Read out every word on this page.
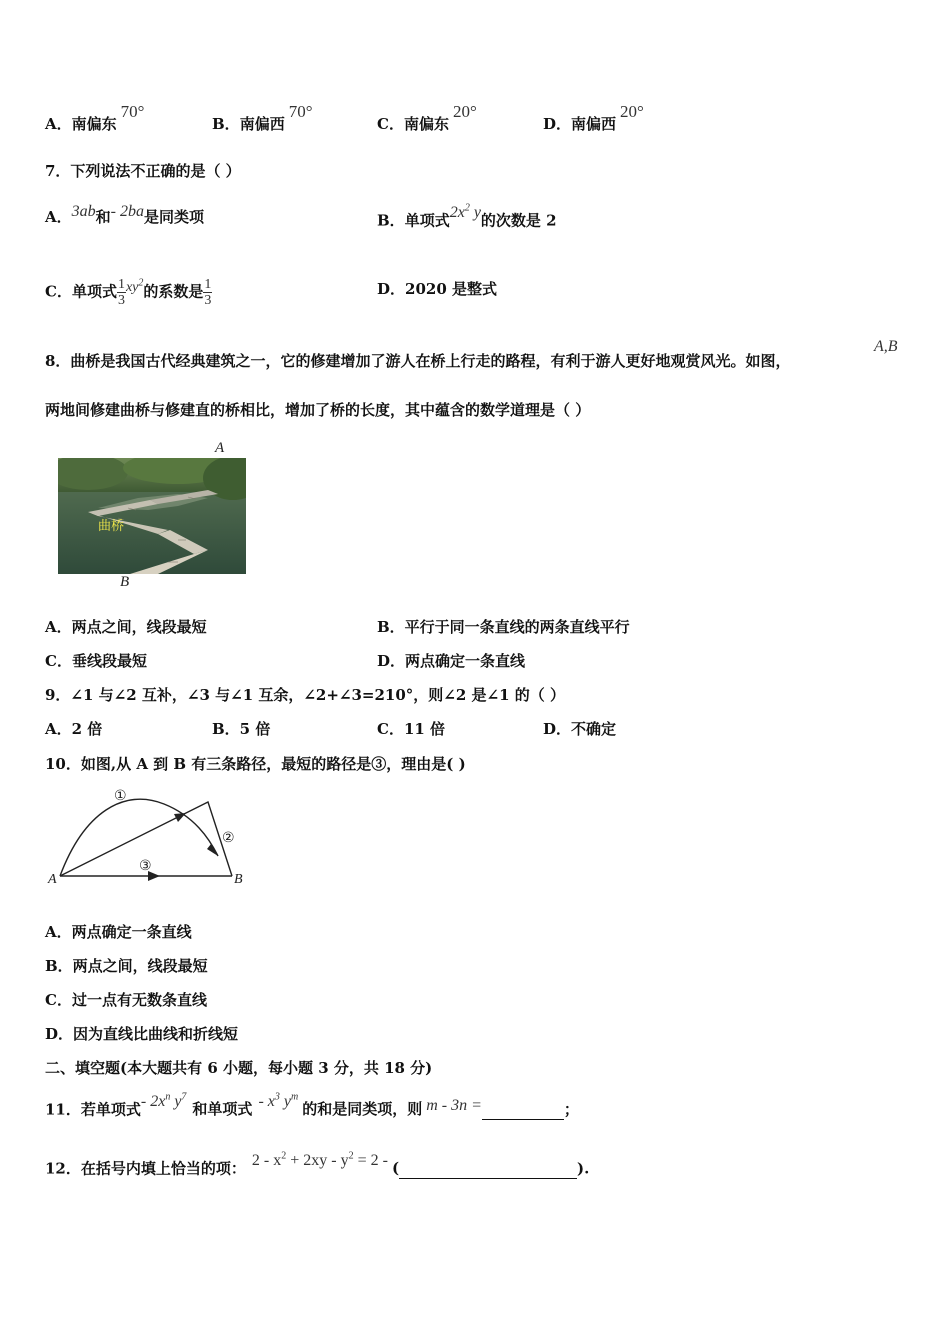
A．南偏东70°
B．南偏西70°
C．南偏东20°
D．南偏西20°
7．下列说法不正确的是（ ）
A．3ab和- 2ba是同类项	B．单项式$2x^2$ y的次数是 2
C．单项式 $\frac{1}{3} xy^2$的系数是 $\frac{1}{3}$	D．2020 是整式
8．曲桥是我国古代经典建筑之一，它的修建增加了游人在桥上行走的路程，有利于游人更好地观赏风光。如图，
A,B
两地间修建曲桥与修建直的桥相比，增加了桥的长度，其中蕴含的数学道理是（ ）
A
曲桥
B
A．两点之间，线段最短	B．平行于同一条直线的两条直线平行
C．垂线段最短	D．两点确定一条直线
9．∠1 与∠2 互补，∠3 与∠1 互余，∠2+∠3=210°，则∠2 是∠1 的（ ）
A．2 倍	B．5 倍	C．11 倍	D．不确定
10．如图,从 A 到 B 有三条路径，最短的路径是③，理由是( )
A	B
①
②
③
A．两点确定一条直线
B．两点之间，线段最短
C．过一点有无数条直线
D．因为直线比曲线和折线短
二、填空题(本大题共有 6 小题，每小题 3 分，共 18 分)
11．若单项式- $2x^n$ $y^7$和单项式 - $x^3$ $y^m$的和是同类项，则 m - 3n =	；
12．在括号内填上恰当的项： $2 - x^2 + 2xy - y^2 = 2$ - (	).
